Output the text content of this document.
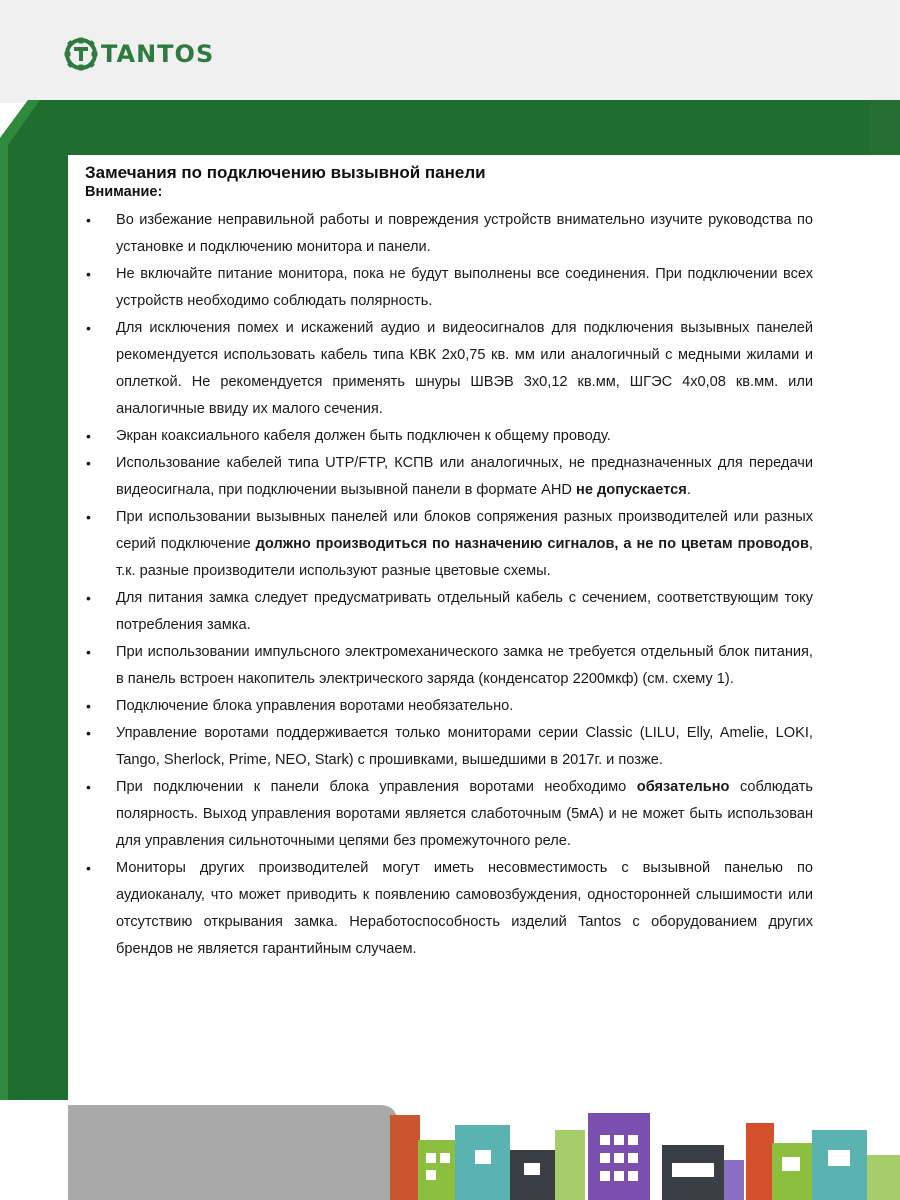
TANTOS
Замечания по подключению вызывной панели
Внимание:
• Во избежание неправильной работы и повреждения устройств внимательно изучите руководства по установке и подключению монитора и панели.
• Не включайте питание монитора, пока не будут выполнены все соединения. При подключении всех устройств необходимо соблюдать полярность.
• Для исключения помех и искажений аудио и видеосигналов для подключения вызывных панелей рекомендуется использовать кабель типа КВК 2х0,75 кв. мм или аналогичный с медными жилами и оплеткой. Не рекомендуется применять шнуры ШВЭВ 3х0,12 кв.мм, ШГЭС 4х0,08 кв.мм. или аналогичные ввиду их малого сечения.
• Экран коаксиального кабеля должен быть подключен к общему проводу.
• Использование кабелей типа UTP/FTP, КСПВ или аналогичных, не предназначенных для передачи видеосигнала, при подключении вызывной панели в формате AHD не допускается.
• При использовании вызывных панелей или блоков сопряжения разных производителей или разных серий подключение должно производиться по назначению сигналов, а не по цветам проводов, т.к. разные производители используют разные цветовые схемы.
• Для питания замка следует предусматривать отдельный кабель с сечением, соответствующим току потребления замка.
• При использовании импульсного электромеханического замка не требуется отдельный блок питания, в панель встроен накопитель электрического заряда (конденсатор 2200мкф) (см. схему 1).
• Подключение блока управления воротами необязательно.
• Управление воротами поддерживается только мониторами серии Classic (LILU, Elly, Amelie, LOKI, Tango, Sherlock, Prime, NEO, Stark) с прошивками, вышедшими в 2017г. и позже.
• При подключении к панели блока управления воротами необходимо обязательно соблюдать полярность. Выход управления воротами является слаботочным (5мА) и не может быть использован для управления сильноточными цепями без промежуточного реле.
• Мониторы других производителей могут иметь несовместимость с вызывной панелью по аудиоканалу, что может приводить к появлению самовозбуждения, односторонней слышимости или отсутствию открывания замка. Неработоспособность изделий Tantos с оборудованием других брендов не является гарантийным случаем.
